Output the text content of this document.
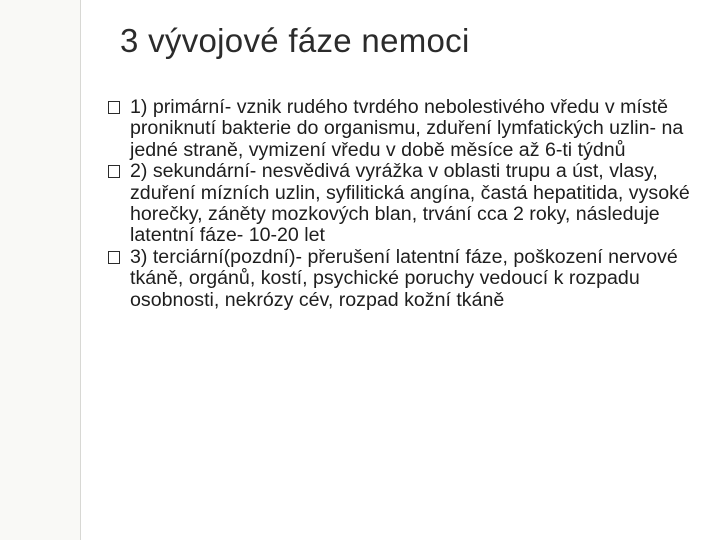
3 vývojové fáze nemoci
1) primární- vznik rudého tvrdého nebolestivého vředu v místě proniknutí bakterie do organismu, zduření lymfatických uzlin- na jedné straně, vymizení vředu v době měsíce až 6-ti týdnů
2) sekundární- nesvědivá vyrážka v oblasti trupu a úst, vlasy, zduření mízních uzlin, syfilitická angína, častá hepatitida, vysoké horečky, záněty mozkových blan, trvání cca 2 roky, následuje latentní fáze- 10-20 let
3) terciární(pozdní)- přerušení latentní fáze, poškození nervové tkáně, orgánů, kostí, psychické poruchy vedoucí k rozpadu osobnosti, nekrózy cév, rozpad kožní tkáně
